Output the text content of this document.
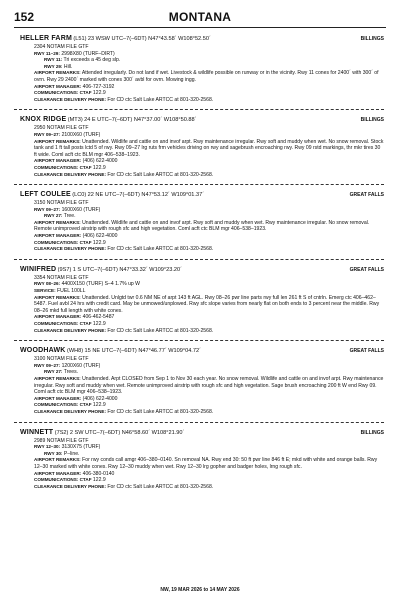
152	MONTANA
HELLER FARM (L51) 23 WSW UTC–7(–6DT) N47°43.58´ W108°52.50´	BILLINGS
2304 NOTAM FILE GTF
RWY 11–29: 2998X80 (TURF–DIRT)
RWY 11: Tri exceeds a 45 deg slp.
RWY 29: Hill.
AIRPORT REMARKS: Attended irregularly. Do not land if wet. Livestock & wildlife possible on runway or in the vicinity. Rwy 11 cones for 2400´ with 300´ of ovrn. Rwy 29 2400´ marked with cones 300´ avbl for ovrn. Mowing ingg.
AIRPORT MANAGER: 406-727-3192
COMMUNICATIONS: CTAF 122.9
CLEARANCE DELIVERY PHONE: For CD ctc Salt Lake ARTCC at 801-320-2568.
KNOX RIDGE (MT3) 24 E UTC–7(–6DT) N47°37.00´ W108°50.88´	BILLINGS
2950 NOTAM FILE GTF
RWY 09–27: 2100X60 (TURF)
AIRPORT REMARKS: Unattended. Wildlife and cattle on and invof arpt. Rwy maintenance irregular. Rwy soft and muddy when wet. No snow removal. Stock tank and 1 ft tall posts lctd 5 of rwy. Rwy 09–27 lrg ruts frm vehicles driving on rwy and sagebrush encroaching rwy. Rwy 09 rstd markings, thr mkr tires 30 ft wide. Coml acft ctc BLM mgr 406–538–1923.
AIRPORT MANAGER: (406) 622-4000
COMMUNICATIONS: CTAF 122.9
CLEARANCE DELIVERY PHONE: For CD ctc Salt Lake ARTCC at 801-320-2568.
LEFT COULEE (LC0) 22 NE UTC–7(–6DT) N47°53.12´ W109°01.37´	GREAT FALLS
3150 NOTAM FILE GTF
RWY 09–27: 1600X60 (TURF)
RWY 27: Tree.
AIRPORT REMARKS: Unattended. Wildlife and cattle on and invof arpt. Rwy soft and muddy when wet. Rwy maintenance irregular. No snow removal. Remote unimproved airstrip with rough sfc and high vegetation. Coml acft ctc BLM mgr 406–538–1923.
AIRPORT MANAGER: (406) 622-4000
COMMUNICATIONS: CTAF 122.9
CLEARANCE DELIVERY PHONE: For CD ctc Salt Lake ARTCC at 801-320-2568.
WINIFRED (9S7) 1 S UTC–7(–6DT) N47°33.32´ W109°23.20´	GREAT FALLS
3354 NOTAM FILE GTF
RWY 08–26: 4400X150 (TURF) S–4 1.7% up W
SERVICE: FUEL 100LL
AIRPORT REMARKS: Unattended. Unlgtd twr 0.6 NM NE of arpt 143 ft AGL. Rwy 08–26 pwr line parts rwy full len 261 ft S of cntrln. Emerg ctc 406–462–5487. Fuel avbl 24 hrs with credit card. May be unmowed/unplowed. Rwy sfc slope varies from nearly flat on both ends to 3 percent near the middle. Rwy 08–26 mkd full length with white cones.
AIRPORT MANAGER: 406-462-5487
COMMUNICATIONS: CTAF 122.9
CLEARANCE DELIVERY PHONE: For CD ctc Salt Lake ARTCC at 801-320-2568.
WOODHAWK (WH8) 15 NE UTC–7(–6DT) N47°46.77´ W109°04.72´	GREAT FALLS
3100 NOTAM FILE GTF
RWY 09–27: 1200X60 (TURF)
RWY 27: Trees.
AIRPORT REMARKS: Unattended. Arpt CLOSED from Sep 1 to Nov 30 each year. No snow removal. Wildlife and cattle on and invof arpt. Rwy maintenance irregular. Rwy soft and muddy when wet. Remote unimproved airstrip with rough sfc and high vegetation. Sage brush encroaching 200 ft W end Rwy 09. Coml acft ctc BLM mgr 406–538–1923.
AIRPORT MANAGER: (406) 622-4000
COMMUNICATIONS: CTAF 122.9
CLEARANCE DELIVERY PHONE: For CD ctc Salt Lake ARTCC at 801-320-2568.
WINNETT (7S2) 2 SW UTC–7(–6DT) N46°58.60´ W108°21.90´	BILLINGS
2989 NOTAM FILE GTF
RWY 12–30: 3130X75 (TURF)
RWY 30: P–line.
AIRPORT REMARKS: For rwy conds call amgr 406–380–0140. Sn removal NA. Rwy end 30: 50 ft pwr line 846 ft E; mkd with white and orange balls. Rwy 12–30 marked with white cones. Rwy 12–30 muddy when wet. Rwy 12–30 lrg gopher and badger holes, lrng rough sfc.
AIRPORT MANAGER: 406-380-0140
COMMUNICATIONS: CTAF 122.9
CLEARANCE DELIVERY PHONE: For CD ctc Salt Lake ARTCC at 801-320-2568.
NW, 19 MAR 2026 to 14 MAY 2026
